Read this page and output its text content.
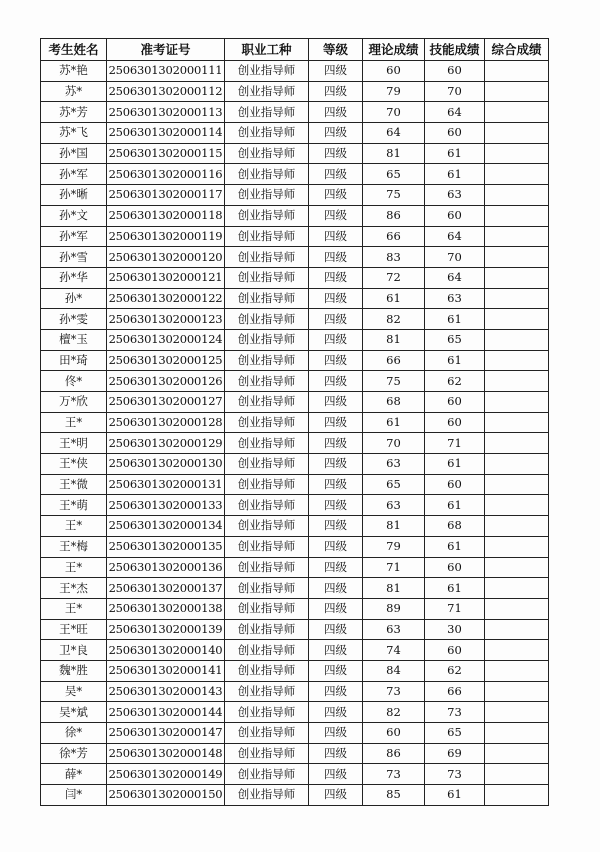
考生姓名	准考证号	职业工种	等级	理论成绩	技能成绩	综合成绩
苏*艳	2506301302000111	创业指导师	四级	60	60	
苏*	2506301302000112	创业指导师	四级	79	70	
苏*芳	2506301302000113	创业指导师	四级	70	64	
苏*飞	2506301302000114	创业指导师	四级	64	60	
孙*国	2506301302000115	创业指导师	四级	81	61	
孙*军	2506301302000116	创业指导师	四级	65	61	
孙*晰	2506301302000117	创业指导师	四级	75	63	
孙*文	2506301302000118	创业指导师	四级	86	60	
孙*军	2506301302000119	创业指导师	四级	66	64	
孙*雪	2506301302000120	创业指导师	四级	83	70	
孙*华	2506301302000121	创业指导师	四级	72	64	
孙*	2506301302000122	创业指导师	四级	61	63	
孙*雯	2506301302000123	创业指导师	四级	82	61	
檀*玉	2506301302000124	创业指导师	四级	81	65	
田*琦	2506301302000125	创业指导师	四级	66	61	
佟*	2506301302000126	创业指导师	四级	75	62	
万*欣	2506301302000127	创业指导师	四级	68	60	
王*	2506301302000128	创业指导师	四级	61	60	
王*明	2506301302000129	创业指导师	四级	70	71	
王*侠	2506301302000130	创业指导师	四级	63	61	
王*微	2506301302000131	创业指导师	四级	65	60	
王*萌	2506301302000133	创业指导师	四级	63	61	
王*	2506301302000134	创业指导师	四级	81	68	
王*梅	2506301302000135	创业指导师	四级	79	61	
王*	2506301302000136	创业指导师	四级	71	60	
王*杰	2506301302000137	创业指导师	四级	81	61	
王*	2506301302000138	创业指导师	四级	89	71	
王*旺	2506301302000139	创业指导师	四级	63	30	
卫*良	2506301302000140	创业指导师	四级	74	60	
魏*胜	2506301302000141	创业指导师	四级	84	62	
吴*	2506301302000143	创业指导师	四级	73	66	
吴*斌	2506301302000144	创业指导师	四级	82	73	
徐*	2506301302000147	创业指导师	四级	60	65	
徐*芳	2506301302000148	创业指导师	四级	86	69	
薛*	2506301302000149	创业指导师	四级	73	73	
闫*	2506301302000150	创业指导师	四级	85	61	
